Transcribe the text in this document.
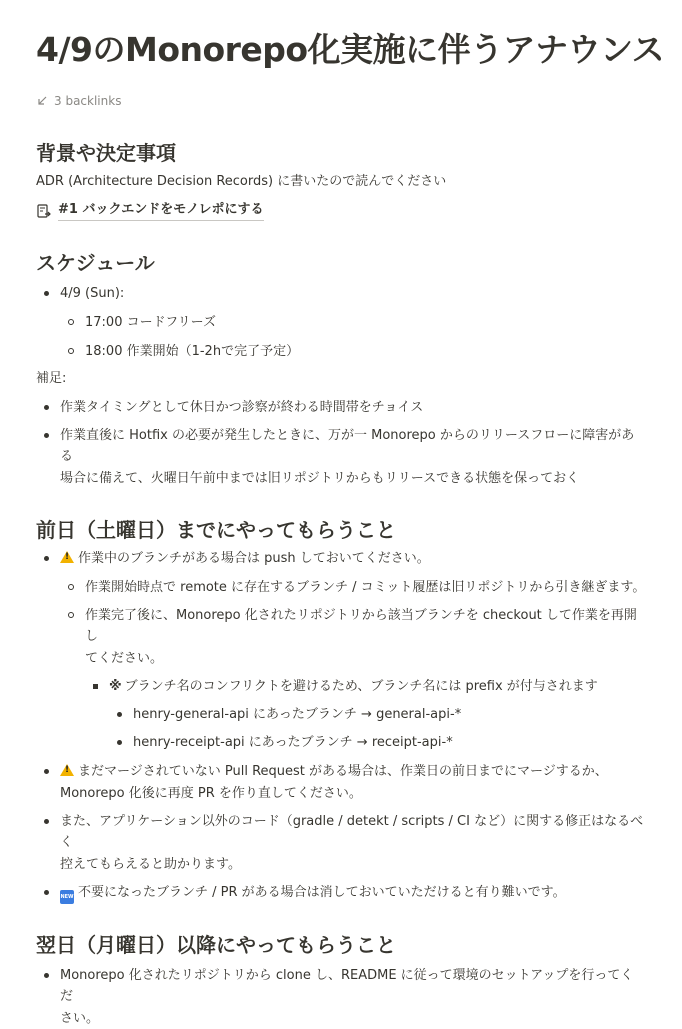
4/9のMonorepo化実施に伴うアナウンス
3 backlinks
背景や決定事項
ADR (Architecture Decision Records) に書いたので読んでください
#1 バックエンドをモノレポにする
スケジュール
4/9 (Sun):
17:00 コードフリーズ
18:00 作業開始（1-2hで完了予定）
補足:
作業タイミングとして休日かつ診察が終わる時間帯をチョイス
作業直後に Hotfix の必要が発生したときに、万が一 Monorepo からのリリースフローに障害がある
場合に備えて、火曜日午前中までは旧リポジトリからもリリースできる状態を保っておく
前日（土曜日）までにやってもらうこと
!作業中のブランチがある場合は push しておいてください。
作業開始時点で remote に存在するブランチ / コミット履歴は旧リポジトリから引き継ぎます。
作業完了後に、Monorepo 化されたリポジトリから該当ブランチを checkout して作業を再開し
てください。
※ ブランチ名のコンフリクトを避けるため、ブランチ名には prefix が付与されます
henry-general-api にあったブランチ → general-api-*
henry-receipt-api にあったブランチ → receipt-api-*
!まだマージされていない Pull Request がある場合は、作業日の前日までにマージするか、
Monorepo 化後に再度 PR を作り直してください。
また、アプリケーション以外のコード（gradle / detekt / scripts / CI など）に関する修正はなるべく
控えてもらえると助かります。
NEW 不要になったブランチ / PR がある場合は消しておいていただけると有り難いです。
翌日（月曜日）以降にやってもらうこと
Monorepo 化されたリポジトリから clone し、README に従って環境のセットアップを行ってくだ
さい。
